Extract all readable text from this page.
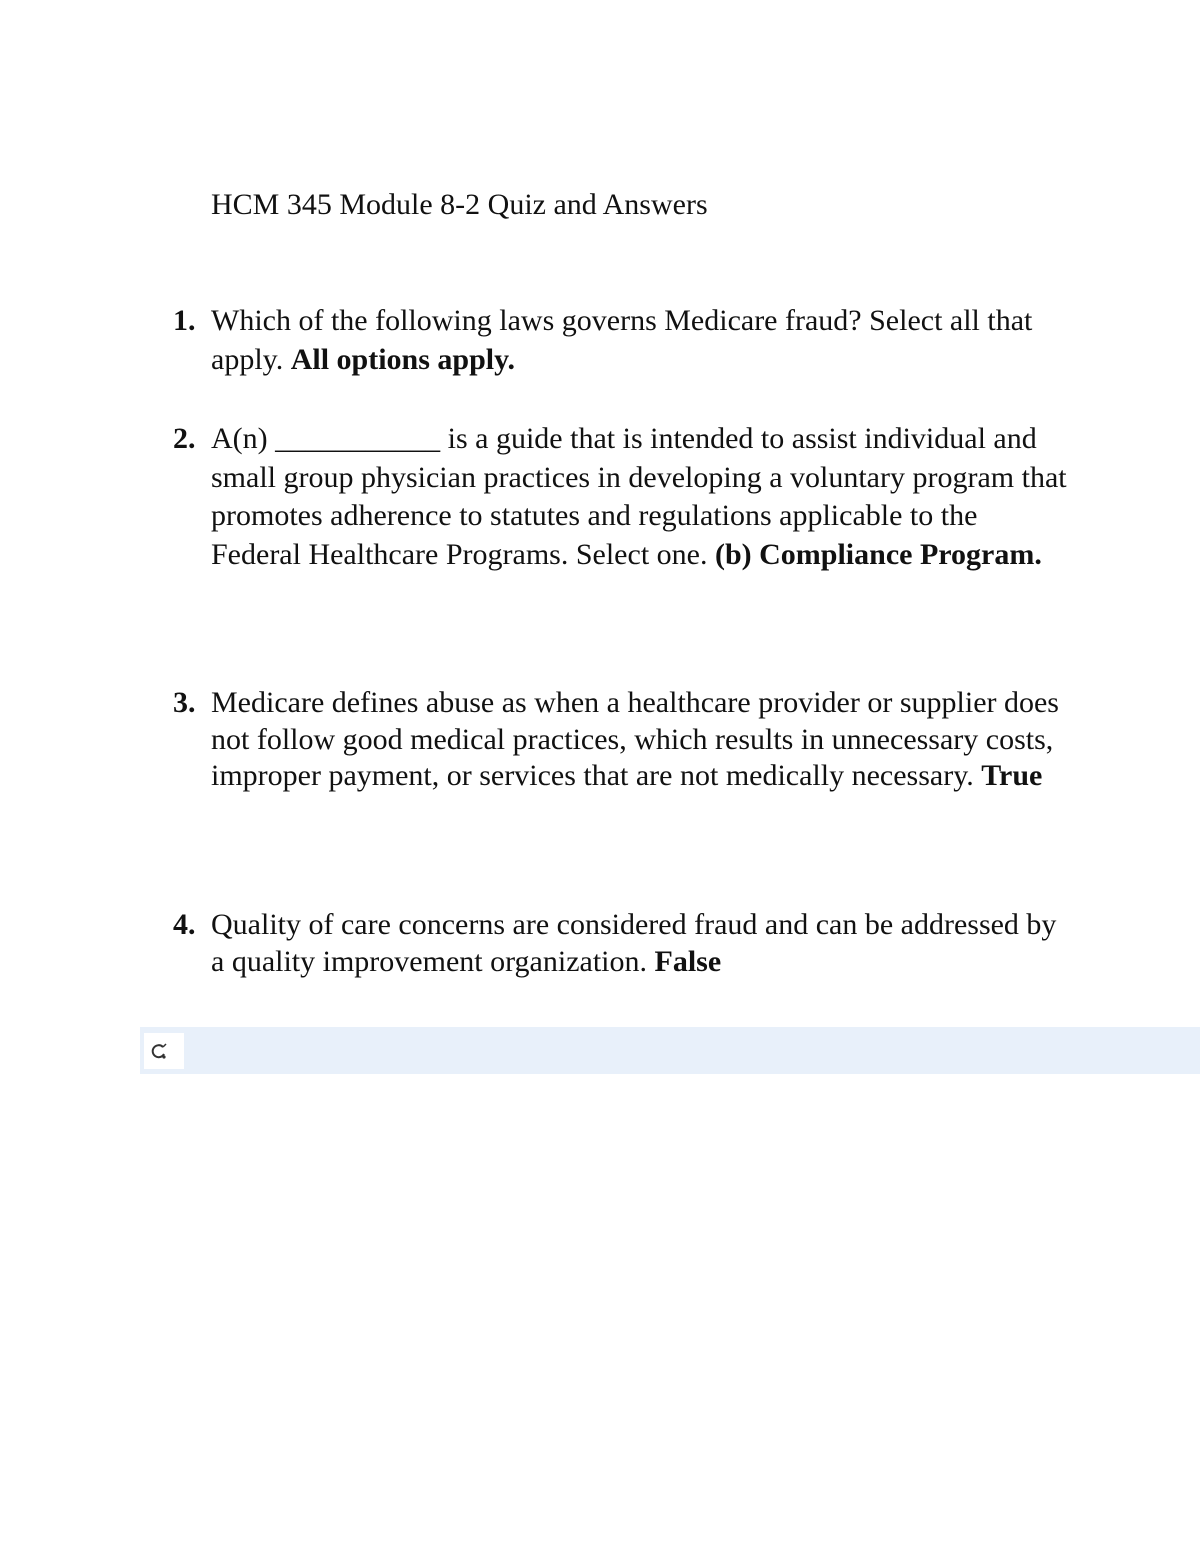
HCM 345 Module 8-2 Quiz and Answers
1. Which of the following laws governs Medicare fraud? Select all that apply. All options apply.
2. A(n) ___________ is a guide that is intended to assist individual and small group physician practices in developing a voluntary program that promotes adherence to statutes and regulations applicable to the Federal Healthcare Programs. Select one. (b) Compliance Program.
3. Medicare defines abuse as when a healthcare provider or supplier does not follow good medical practices, which results in unnecessary costs, improper payment, or services that are not medically necessary. True
4. Quality of care concerns are considered fraud and can be addressed by a quality improvement organization. False
